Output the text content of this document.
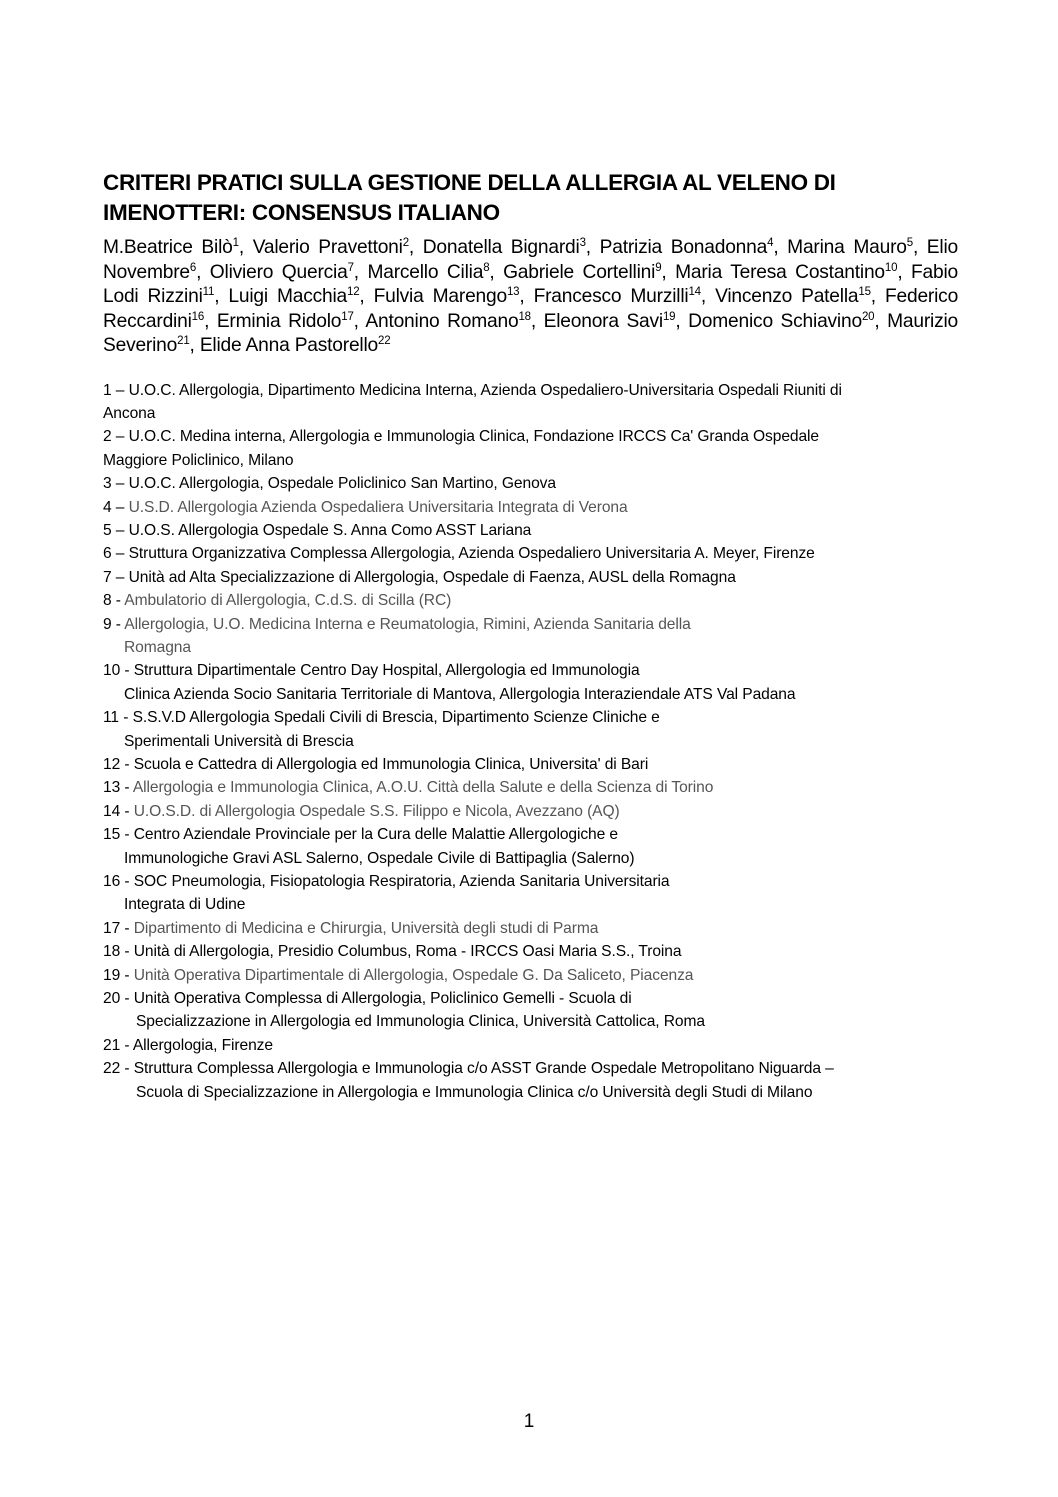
CRITERI PRATICI SULLA GESTIONE DELLA ALLERGIA AL VELENO DI IMENOTTERI: CONSENSUS ITALIANO

M.Beatrice Bilò$^1$, Valerio Pravettoni$^2$, Donatella Bignardi$^3$, Patrizia Bonadonna$^4$, Marina Mauro$^5$, Elio Novembre$^6$, Oliviero Quercia$^7$, Marcello Cilia$^8$, Gabriele Cortellini$^9$, Maria Teresa Costantino$^{10}$, Fabio Lodi Rizzini$^{11}$, Luigi Macchia$^{12}$, Fulvia Marengo$^{13}$, Francesco Murzilli$^{14}$, Vincenzo Patella$^{15}$, Federico Reccardini$^{16}$, Erminia Ridolo$^{17}$, Antonino Romano$^{18}$, Eleonora Savi$^{19}$, Domenico Schiavino$^{20}$, Maurizio Severino$^{21}$, Elide Anna Pastorello$^{22}$

1 – U.O.C. Allergologia, Dipartimento Medicina Interna, Azienda Ospedaliero-Universitaria Ospedali Riuniti di
Ancona
2 – U.O.C. Medina interna, Allergologia e Immunologia Clinica, Fondazione IRCCS Ca' Granda Ospedale
Maggiore Policlinico, Milano
3 – U.O.C. Allergologia, Ospedale Policlinico San Martino, Genova
4 – U.S.D. Allergologia Azienda Ospedaliera Universitaria Integrata di Verona
5 – U.O.S. Allergologia Ospedale S. Anna Como ASST Lariana
6 – Struttura Organizzativa Complessa Allergologia, Azienda Ospedaliero Universitaria A. Meyer, Firenze
7 – Unità ad Alta Specializzazione di Allergologia, Ospedale di Faenza, AUSL della Romagna
8 - Ambulatorio di Allergologia, C.d.S. di Scilla (RC)
9 - Allergologia, U.O. Medicina Interna e Reumatologia, Rimini, Azienda Sanitaria della
Romagna
10 - Struttura Dipartimentale Centro Day Hospital, Allergologia ed Immunologia
Clinica Azienda Socio Sanitaria Territoriale di Mantova, Allergologia Interaziendale ATS Val Padana
11 - S.S.V.D Allergologia Spedali Civili di Brescia, Dipartimento Scienze Cliniche e
Sperimentali Università di Brescia
12 - Scuola e Cattedra di Allergologia ed Immunologia Clinica, Universita' di Bari
13 - Allergologia e Immunologia Clinica, A.O.U. Città della Salute e della Scienza di Torino
14 - U.O.S.D. di Allergologia Ospedale S.S. Filippo e Nicola, Avezzano (AQ)
15 - Centro Aziendale Provinciale per la Cura delle Malattie Allergologiche e
Immunologiche Gravi ASL Salerno, Ospedale Civile di Battipaglia (Salerno)
16 - SOC Pneumologia, Fisiopatologia Respiratoria, Azienda Sanitaria Universitaria
Integrata di Udine
17 - Dipartimento di Medicina e Chirurgia, Università degli studi di Parma
18 - Unità di Allergologia, Presidio Columbus, Roma - IRCCS Oasi Maria S.S., Troina
19 - Unità Operativa Dipartimentale di Allergologia, Ospedale G. Da Saliceto, Piacenza
20 - Unità Operativa Complessa di Allergologia, Policlinico Gemelli - Scuola di
Specializzazione in Allergologia ed Immunologia Clinica, Università Cattolica, Roma
21 - Allergologia, Firenze
22 - Struttura Complessa Allergologia e Immunologia c/o ASST Grande Ospedale Metropolitano Niguarda –
Scuola di Specializzazione in Allergologia e Immunologia Clinica c/o Università degli Studi di Milano
1
